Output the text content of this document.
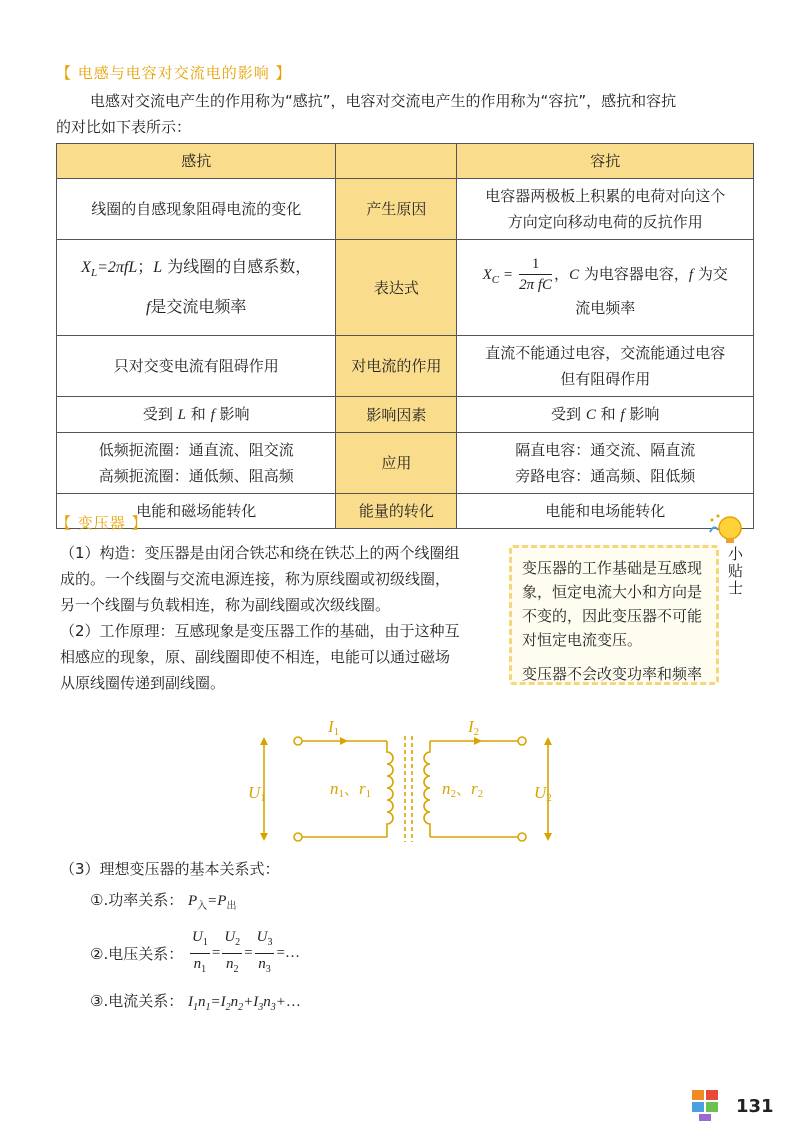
【 电感与电容对交流电的影响 】
电感对交流电产生的作用称为“感抗”，电容对交流电产生的作用称为“容抗”，感抗和容抗
的对比如下表所示：
感抗		容抗
线圈的自感现象阻碍电流的变化	产生原因	电容器两极板上积累的电荷对向这个
方向定向移动电荷的反抗作用
$X_L=2\pi fL$；L 为线圈的自感系数，
f是交流电频率	表达式	$X_C = \frac{1}{\text{2π fC}}$ ，C 为电容器电容，f 为交
流电频率
只对交变电流有阻碍作用	对电流的作用	直流不能通过电容，交流能通过电容
但有阻碍作用
受到 L 和 f 影响	影响因素	受到 C 和 f 影响
低频扼流圈：通直流、阻交流
高频扼流圈：通低频、阻高频	应用	隔直电容：通交流、隔直流
旁路电容：通高频、阻低频
电能和磁场能转化	能量的转化	电能和电场能转化
【 变压器 】
（1）构造：变压器是由闭合铁芯和绕在铁芯上的两个线圈组
成的。一个线圈与交流电源连接，称为原线圈或初级线圈，
另一个线圈与负载相连，称为副线圈或次级线圈。
（2）工作原理：互感现象是变压器工作的基础，由于这种互
相感应的现象，原、副线圈即使不相连，电能可以通过磁场
从原线圈传递到副线圈。

变压器的工作基础是互感现象，恒定电流大小和方向是不变的，因此变压器不可能对恒定电流变压。

变压器不会改变功率和频率

小贴士
I1	I2
U1	U2
n1、r1	n2、r2
（3）理想变压器的基本关系式：
①.功率关系： $P_入=P_出$
②.电压关系： $\frac{U_1}{n_1} = \frac{U_2}{n_2} = \frac{U_3}{n_3}$ =…
③.电流关系： $I_1n_1=I_2n_2+I_3n_3+\dots$
131
